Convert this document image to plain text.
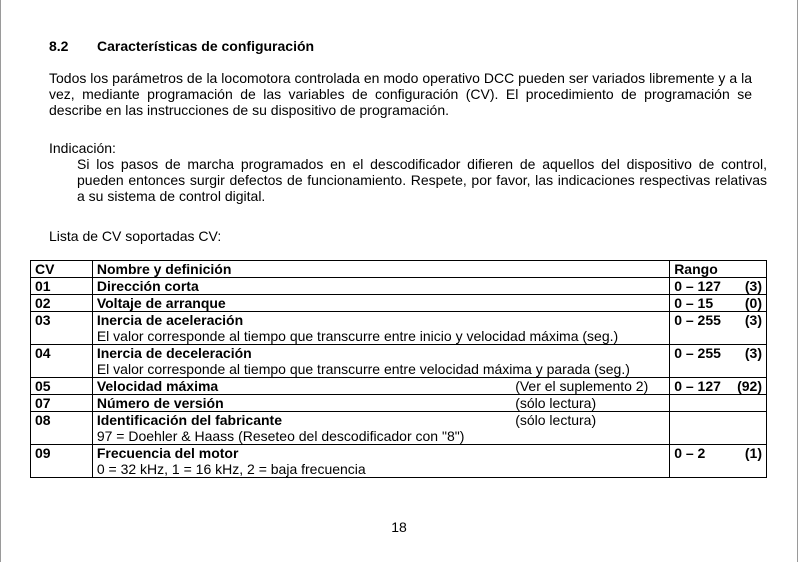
8.2 Características de configuración
Todos los parámetros de la locomotora controlada en modo operativo DCC pueden ser variados libremente y a la vez, mediante programación de las variables de configuración (CV). El procedimiento de programación se describe en las instrucciones de su dispositivo de programación.
Indicación:
Si los pasos de marcha programados en el descodificador difieren de aquellos del dispositivo de control, pueden entonces surgir defectos de funcionamiento. Respete, por favor, las indicaciones respectivas relativas a su sistema de control digital.
Lista de CV soportadas CV:
CV	Nombre y definición	Rango
01	Dirección corta	0 – 127 (3)

02	Voltaje de arranque	0 – 15 (0)

03	Inercia de aceleración
El valor corresponde al tiempo que transcurre entre inicio y velocidad máxima (seg.)	0 – 255 (3)

04	Inercia de deceleración
El valor corresponde al tiempo que transcurre entre velocidad máxima y parada (seg.)	0 – 255 (3)

05	Velocidad máxima (Ver el suplemento 2)	0 – 127 (92)

07	Número de versión (sólo lectura)	

08	Identificación del fabricante (sólo lectura)
97 = Doehler & Haass (Reseteo del descodificador con "8")	

09	Frecuencia del motor
0 = 32 kHz, 1 = 16 kHz, 2 = baja frecuencia	0 – 2 (1)
18
